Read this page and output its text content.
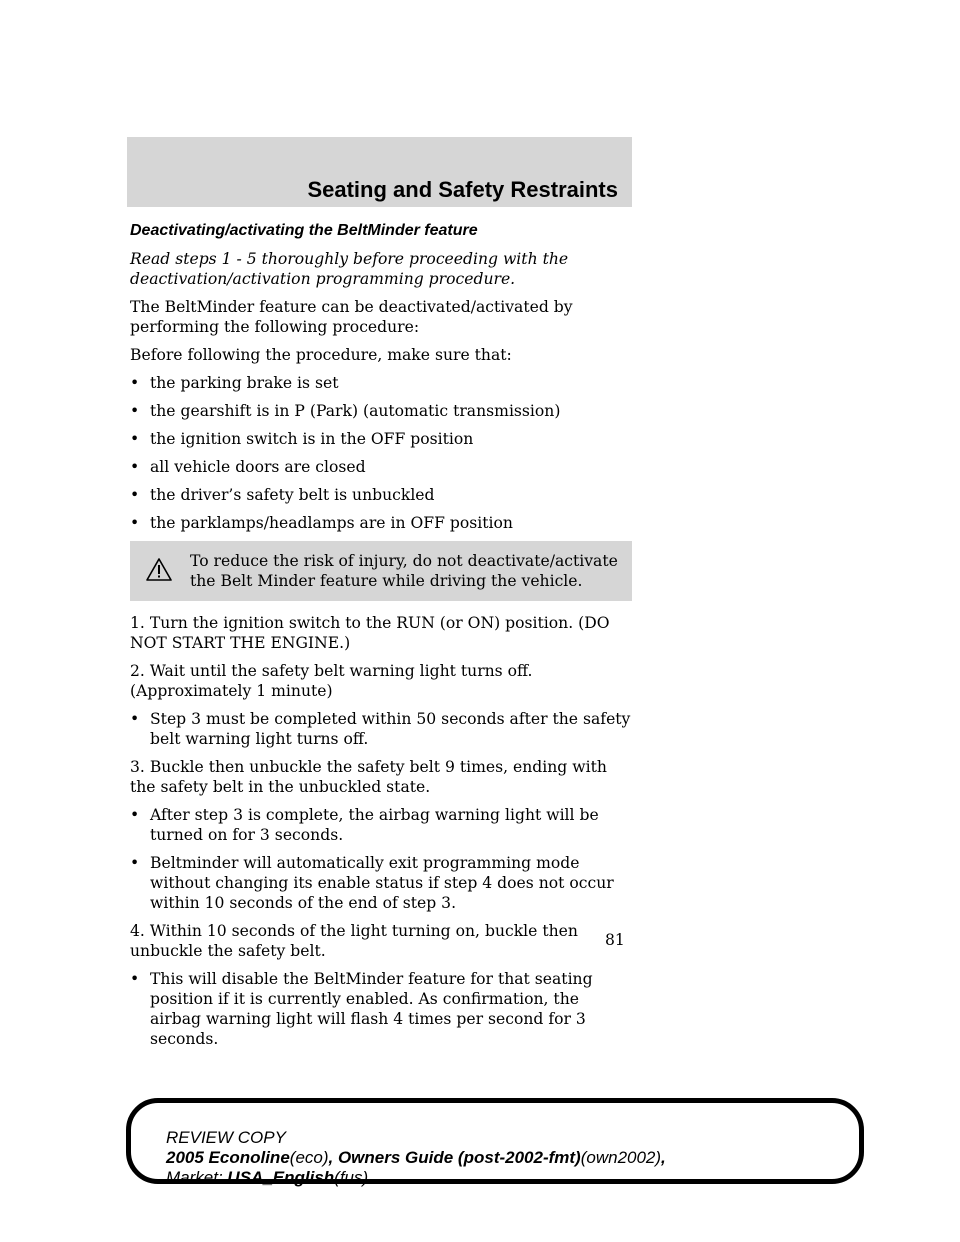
Seating and Safety Restraints

Deactivating/activating the BeltMinder feature

Read steps 1 - 5 thoroughly before proceeding with the deactivation/activation programming procedure.

The BeltMinder feature can be deactivated/activated by performing the following procedure:

Before following the procedure, make sure that:

• the parking brake is set
• the gearshift is in P (Park) (automatic transmission)
• the ignition switch is in the OFF position
• all vehicle doors are closed
• the driver’s safety belt is unbuckled
• the parklamps/headlamps are in OFF position
To reduce the risk of injury, do not deactivate/activate the Belt Minder feature while driving the vehicle.

1. Turn the ignition switch to the RUN (or ON) position. (DO NOT START THE ENGINE.)

2. Wait until the safety belt warning light turns off. (Approximately 1 minute)

• Step 3 must be completed within 50 seconds after the safety belt warning light turns off.

3. Buckle then unbuckle the safety belt 9 times, ending with the safety belt in the unbuckled state.

• After step 3 is complete, the airbag warning light will be turned on for 3 seconds.
• Beltminder will automatically exit programming mode without changing its enable status if step 4 does not occur within 10 seconds of the end of step 3.

4. Within 10 seconds of the light turning on, buckle then unbuckle the safety belt.

• This will disable the BeltMinder feature for that seating position if it is currently enabled. As confirmation, the airbag warning light will flash 4 times per second for 3 seconds.
81
REVIEW COPY
2005 Econoline(eco), Owners Guide (post-2002-fmt)(own2002),
Market: USA_English(fus)
